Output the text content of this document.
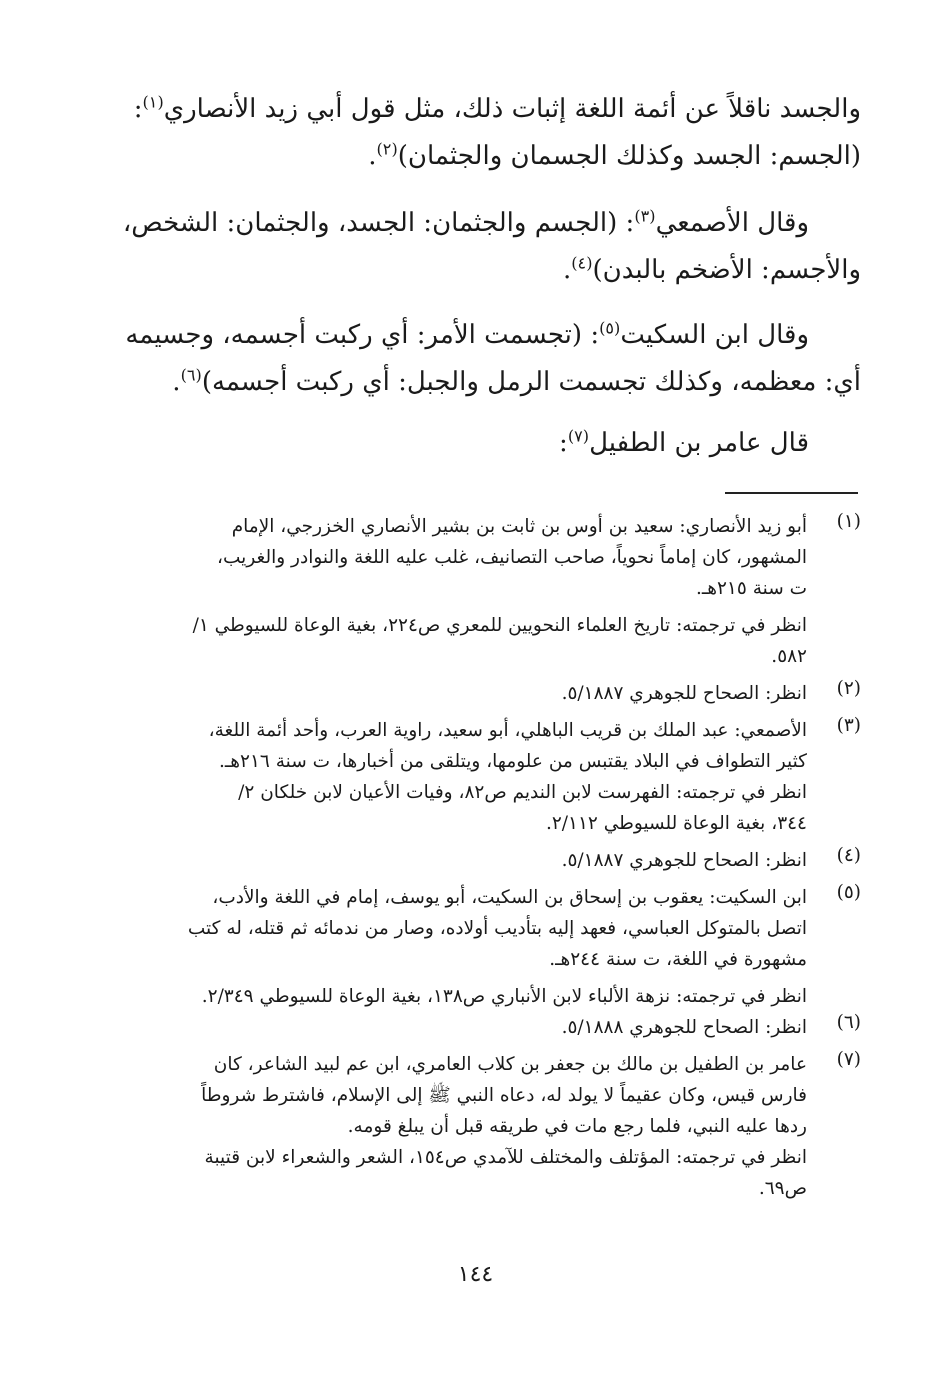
والجسد ناقلاً عن أئمة اللغة إثبات ذلك، مثل قول أبي زيد الأنصاري$^{(١)}$:
(الجسم: الجسد وكذلك الجسمان والجثمان)$^{(٢)}$.
  وقال الأصمعي$^{(٣)}$: (الجسم والجثمان: الجسد، والجثمان: الشخص،
والأجسم: الأضخم بالبدن)$^{(٤)}$.
  وقال ابن السكيت$^{(٥)}$: (تجسمت الأمر: أي ركبت أجسمه، وجسيمه
أي: معظمه، وكذلك تجسمت الرمل والجبل: أي ركبت أجسمه)$^{(٦)}$.
  قال عامر بن الطفيل$^{(٧)}$:
(١)
أبو زيد الأنصاري: سعيد بن أوس بن ثابت بن بشير الأنصاري الخزرجي، الإمام
المشهور، كان إماماً نحوياً، صاحب التصانيف، غلب عليه اللغة والنوادر والغريب،
ت سنة ٢١٥هـ.
انظر في ترجمته: تاريخ العلماء النحويين للمعري ص٢٢٤، بغية الوعاة للسيوطي ١/
٥٨٢.
(٢)
انظر: الصحاح للجوهري ٥/١٨٨٧.
(٣)
الأصمعي: عبد الملك بن قريب الباهلي، أبو سعيد، راوية العرب، وأحد أئمة اللغة،
كثير التطواف في البلاد يقتبس من علومها، ويتلقى من أخبارها، ت سنة ٢١٦هـ.
انظر في ترجمته: الفهرست لابن النديم ص٨٢، وفيات الأعيان لابن خلكان ٢/
٣٤٤، بغية الوعاة للسيوطي ٢/١١٢.
(٤)
انظر: الصحاح للجوهري ٥/١٨٨٧.
(٥)
ابن السكيت: يعقوب بن إسحاق بن السكيت، أبو يوسف، إمام في اللغة والأدب،
اتصل بالمتوكل العباسي، فعهد إليه بتأديب أولاده، وصار من ندمائه ثم قتله، له كتب
مشهورة في اللغة، ت سنة ٢٤٤هـ.
انظر في ترجمته: نزهة الألباء لابن الأنباري ص١٣٨، بغية الوعاة للسيوطي ٢/٣٤٩.
(٦)
انظر: الصحاح للجوهري ٥/١٨٨٨.
(٧)
عامر بن الطفيل بن مالك بن جعفر بن كلاب العامري، ابن عم لبيد الشاعر، كان
فارس قيس، وكان عقيماً لا يولد له، دعاه النبي ﷺ إلى الإسلام، فاشترط شروطاً
ردها عليه النبي، فلما رجع مات في طريقه قبل أن يبلغ قومه.
انظر في ترجمته: المؤتلف والمختلف للآمدي ص١٥٤، الشعر والشعراء لابن قتيبة
ص٦٩.
١٤٤
